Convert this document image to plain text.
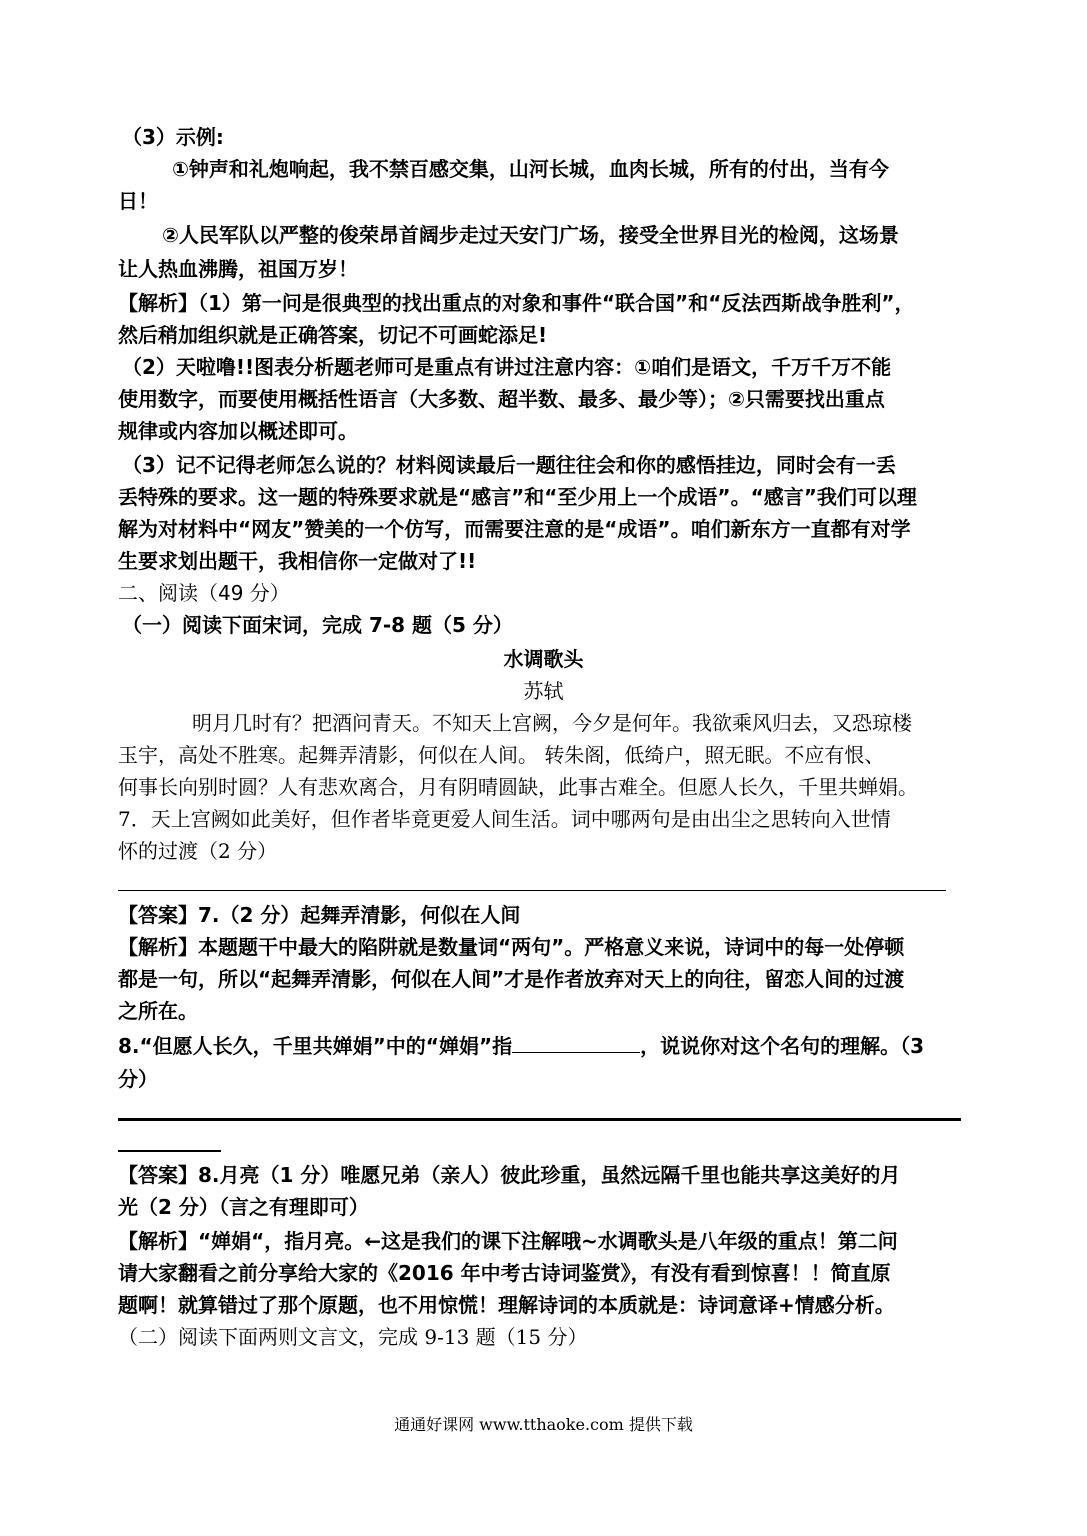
（3）示例:
①钟声和礼炮响起，我不禁百感交集，山河长城，血肉长城，所有的付出，当有今
日！
②人民军队以严整的俊荣昂首阔步走过天安门广场，接受全世界目光的检阅，这场景
让人热血沸腾，祖国万岁！
【解析】（1）第一问是很典型的找出重点的对象和事件“联合国”和“反法西斯战争胜利”，
然后稍加组织就是正确答案，切记不可画蛇添足!
（2）天啦噜!!图表分析题老师可是重点有讲过注意内容：①咱们是语文，千万千万不能
使用数字，而要使用概括性语言（大多数、超半数、最多、最少等）；②只需要找出重点
规律或内容加以概述即可。
（3）记不记得老师怎么说的？材料阅读最后一题往往会和你的感悟挂边，同时会有一丢
丢特殊的要求。这一题的特殊要求就是“感言”和“至少用上一个成语”。“感言”我们可以理
解为对材料中“网友”赞美的一个仿写，而需要注意的是“成语”。咱们新东方一直都有对学
生要求划出题干，我相信你一定做对了!!
二、阅读（49 分）
（一）阅读下面宋词，完成 7-8 题（5 分）
水调歌头
苏轼
明月几时有？把酒问青天。不知天上宫阙，今夕是何年。我欲乘风归去，又恐琼楼
玉宇，高处不胜寒。起舞弄清影，何似在人间。 转朱阁，低绮户，照无眠。不应有恨、
何事长向别时圆？人有悲欢离合，月有阴晴圆缺，此事古难全。但愿人长久，千里共蝉娟。
7．天上宫阙如此美好，但作者毕竟更爱人间生活。词中哪两句是由出尘之思转向入世情
怀的过渡（2 分）
【答案】7.（2 分）起舞弄清影，何似在人间
【解析】本题题干中最大的陷阱就是数量词“两句”。严格意义来说，诗词中的每一处停顿
都是一句，所以“起舞弄清影，何似在人间”才是作者放弃对天上的向往，留恋人间的过渡
之所在。
8.“但愿人长久，千里共婵娟”中的“婵娟”指	，说说你对这个名句的理解。（3
分）
【答案】8.月亮（1 分）唯愿兄弟（亲人）彼此珍重，虽然远隔千里也能共享这美好的月
光（2 分）（言之有理即可）
【解析】“婵娟“，指月亮。←这是我们的课下注解哦~水调歌头是八年级的重点！第二问
请大家翻看之前分享给大家的《2016 年中考古诗词鉴赏》，有没有看到惊喜！！简直原
题啊！就算错过了那个原题，也不用惊慌！理解诗词的本质就是：诗词意译+情感分析。
（二）阅读下面两则文言文，完成 9-13 题（15 分）
通通好课网 www.tthaoke.com 提供下载
